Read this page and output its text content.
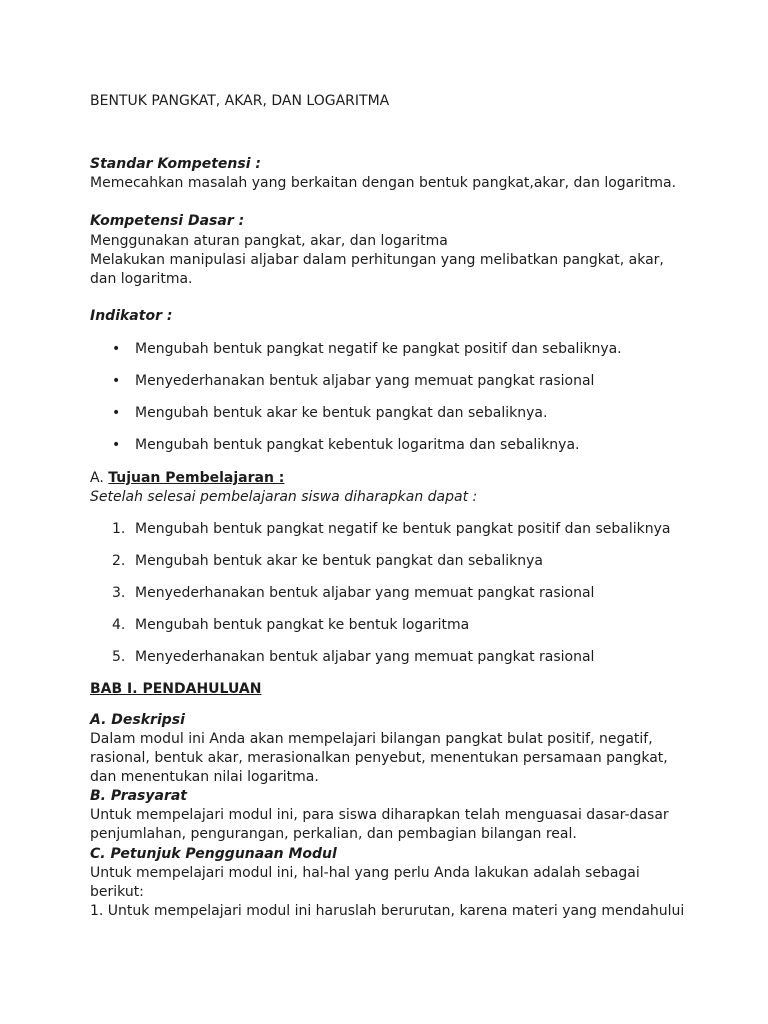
BENTUK PANGKAT, AKAR, DAN LOGARITMA

Standar Kompetensi :

Memecahkan masalah yang berkaitan dengan bentuk pangkat,akar, dan logaritma.

Kompetensi Dasar :

Menggunakan aturan pangkat, akar, dan logaritma
Melakukan manipulasi aljabar dalam perhitungan yang melibatkan pangkat, akar,
dan logaritma.

Indikator :

• Mengubah bentuk pangkat negatif ke pangkat positif dan sebaliknya.
• Menyederhanakan bentuk aljabar yang memuat pangkat rasional
• Mengubah bentuk akar ke bentuk pangkat dan sebaliknya.
• Mengubah bentuk pangkat kebentuk logaritma dan sebaliknya.

A. Tujuan Pembelajaran :

Setelah selesai pembelajaran siswa diharapkan dapat :

1. Mengubah bentuk pangkat negatif ke bentuk pangkat positif dan sebaliknya
2. Mengubah bentuk akar ke bentuk pangkat dan sebaliknya
3. Menyederhanakan bentuk aljabar yang memuat pangkat rasional
4. Mengubah bentuk pangkat ke bentuk logaritma
5. Menyederhanakan bentuk aljabar yang memuat pangkat rasional

BAB I. PENDAHULUAN

A. Deskripsi

Dalam modul ini Anda akan mempelajari bilangan pangkat bulat positif, negatif,
rasional, bentuk akar, merasionalkan penyebut, menentukan persamaan pangkat,
dan menentukan nilai logaritma.

B. Prasyarat

Untuk mempelajari modul ini, para siswa diharapkan telah menguasai dasar-dasar
penjumlahan, pengurangan, perkalian, dan pembagian bilangan real.

C. Petunjuk Penggunaan Modul

Untuk mempelajari modul ini, hal-hal yang perlu Anda lakukan adalah sebagai
berikut:
1. Untuk mempelajari modul ini haruslah berurutan, karena materi yang mendahului
